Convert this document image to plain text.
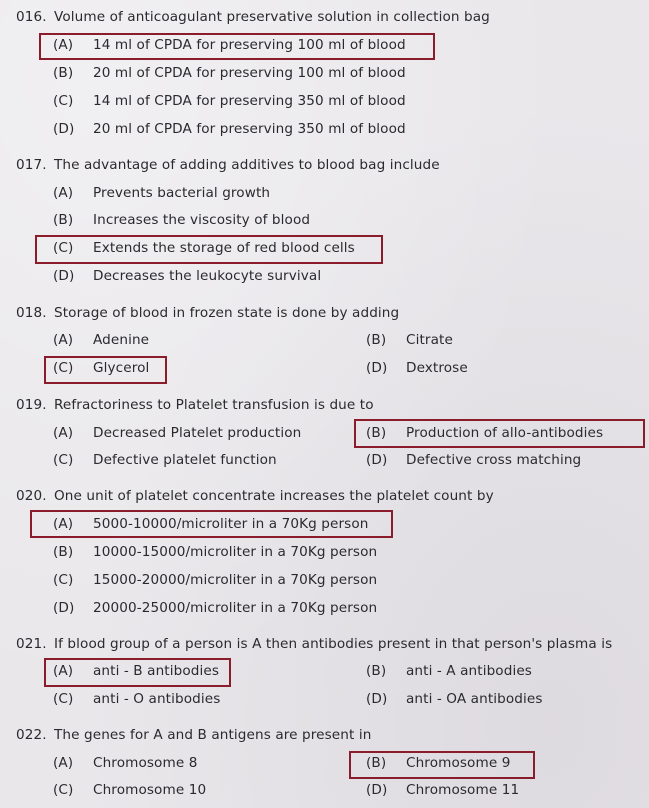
016. Volume of anticoagulant preservative solution in collection bag
(A) 14 ml of CPDA for preserving 100 ml of blood
(B) 20 ml of CPDA for preserving 100 ml of blood
(C) 14 ml of CPDA for preserving 350 ml of blood
(D) 20 ml of CPDA for preserving 350 ml of blood
017. The advantage of adding additives to blood bag include
(A) Prevents bacterial growth
(B) Increases the viscosity of blood
(C) Extends the storage of red blood cells
(D) Decreases the leukocyte survival
018. Storage of blood in frozen state is done by adding
(A) Adenine	(B) Citrate
(C) Glycerol	(D) Dextrose
019. Refractoriness to Platelet transfusion is due to
(A) Decreased Platelet production	(B) Production of allo-antibodies
(C) Defective platelet function	(D) Defective cross matching
020. One unit of platelet concentrate increases the platelet count by
(A) 5000-10000/microliter in a 70Kg person
(B) 10000-15000/microliter in a 70Kg person
(C) 15000-20000/microliter in a 70Kg person
(D) 20000-25000/microliter in a 70Kg person
021. If blood group of a person is A then antibodies present in that person's plasma is
(A) anti - B antibodies	(B) anti - A antibodies
(C) anti - O antibodies	(D) anti - OA antibodies
022. The genes for A and B antigens are present in
(A) Chromosome 8	(B) Chromosome 9
(C) Chromosome 10	(D) Chromosome 11
